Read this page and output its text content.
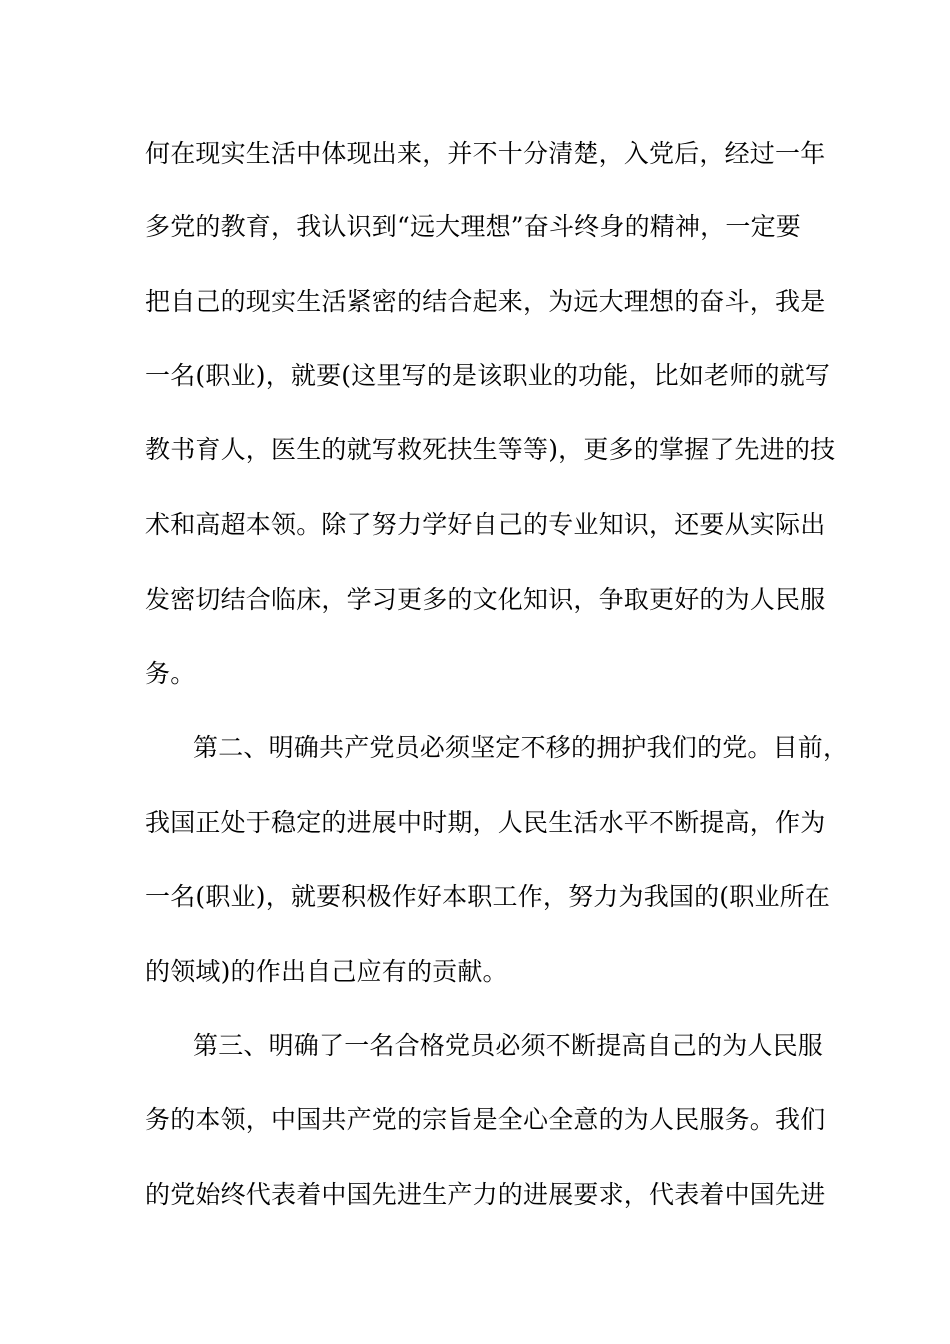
何在现实生活中体现出来，并不十分清楚，入党后，经过一年
多党的教育，我认识到“远大理想”奋斗终身的精神，一定要
把自己的现实生活紧密的结合起来，为远大理想的奋斗，我是
一名(职业)，就要(这里写的是该职业的功能，比如老师的就写
教书育人，医生的就写救死扶生等等)，更多的掌握了先进的技
术和高超本领。除了努力学好自己的专业知识，还要从实际出
发密切结合临床，学习更多的文化知识，争取更好的为人民服
务。
第二、明确共产党员必须坚定不移的拥护我们的党。目前，
我国正处于稳定的进展中时期，人民生活水平不断提高，作为
一名(职业)，就要积极作好本职工作，努力为我国的(职业所在
的领域)的作出自己应有的贡献。
第三、明确了一名合格党员必须不断提高自己的为人民服
务的本领，中国共产党的宗旨是全心全意的为人民服务。我们
的党始终代表着中国先进生产力的进展要求，代表着中国先进
